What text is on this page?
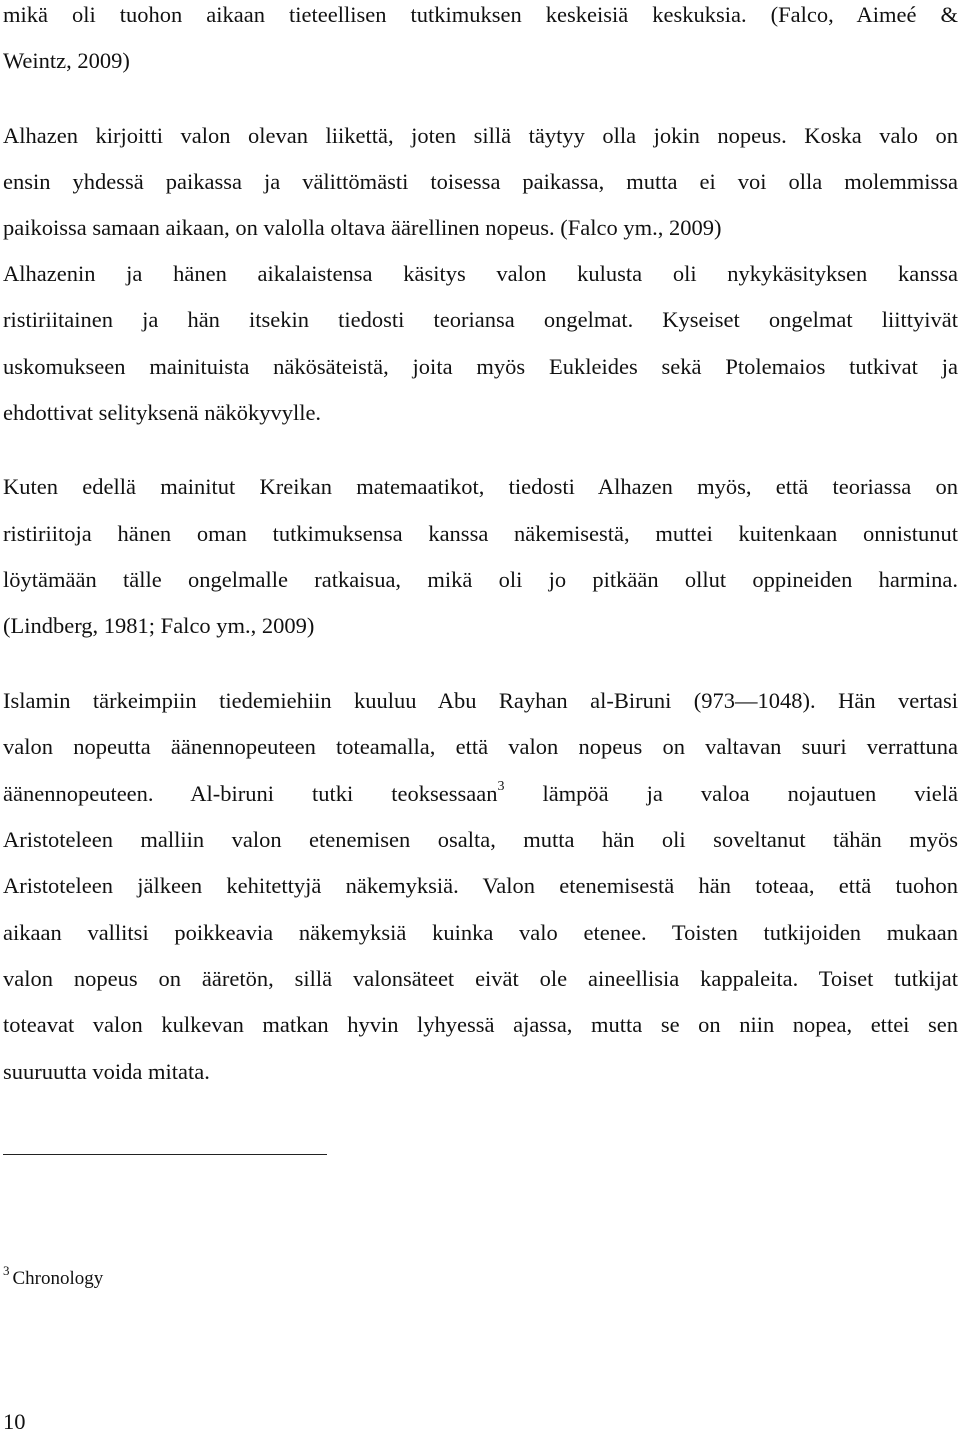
mikä oli tuohon aikaan tieteellisen tutkimuksen keskeisiä keskuksia. (Falco, Aimeé &
Weintz, 2009)
Alhazen kirjoitti valon olevan liikettä, joten sillä täytyy olla jokin nopeus. Koska valo on
ensin yhdessä paikassa ja välittömästi toisessa paikassa, mutta ei voi olla molemmissa
paikoissa samaan aikaan, on valolla oltava äärellinen nopeus. (Falco ym., 2009)
Alhazenin ja hänen aikalaistensa käsitys valon kulusta oli nykykäsityksen kanssa
ristiriitainen ja hän itsekin tiedosti teoriansa ongelmat. Kyseiset ongelmat liittyivät
uskomukseen mainituista näkösäteistä, joita myös Eukleides sekä Ptolemaios tutkivat ja
ehdottivat selityksenä näkökyvylle.
Kuten edellä mainitut Kreikan matemaatikot, tiedosti Alhazen myös, että teoriassa on
ristiriitoja hänen oman tutkimuksensa kanssa näkemisestä, muttei kuitenkaan onnistunut
löytämään tälle ongelmalle ratkaisua, mikä oli jo pitkään ollut oppineiden harmina.
(Lindberg, 1981; Falco ym., 2009)
Islamin tärkeimpiin tiedemiehiin kuuluu Abu Rayhan al-Biruni (973—1048). Hän vertasi
valon nopeutta äänennopeuteen toteamalla, että valon nopeus on valtavan suuri verrattuna
äänennopeuteen. Al-biruni tutki teoksessaan$^3$ lämpöä ja valoa nojautuen vielä
Aristoteleen malliin valon etenemisen osalta, mutta hän oli soveltanut tähän myös
Aristoteleen jälkeen kehitettyjä näkemyksiä. Valon etenemisestä hän toteaa, että tuohon
aikaan vallitsi poikkeavia näkemyksiä kuinka valo etenee. Toisten tutkijoiden mukaan
valon nopeus on ääretön, sillä valonsäteet eivät ole aineellisia kappaleita. Toiset tutkijat
toteavat valon kulkevan matkan hyvin lyhyessä ajassa, mutta se on niin nopea, ettei sen
suuruutta voida mitata.
$^3$ Chronology
10
